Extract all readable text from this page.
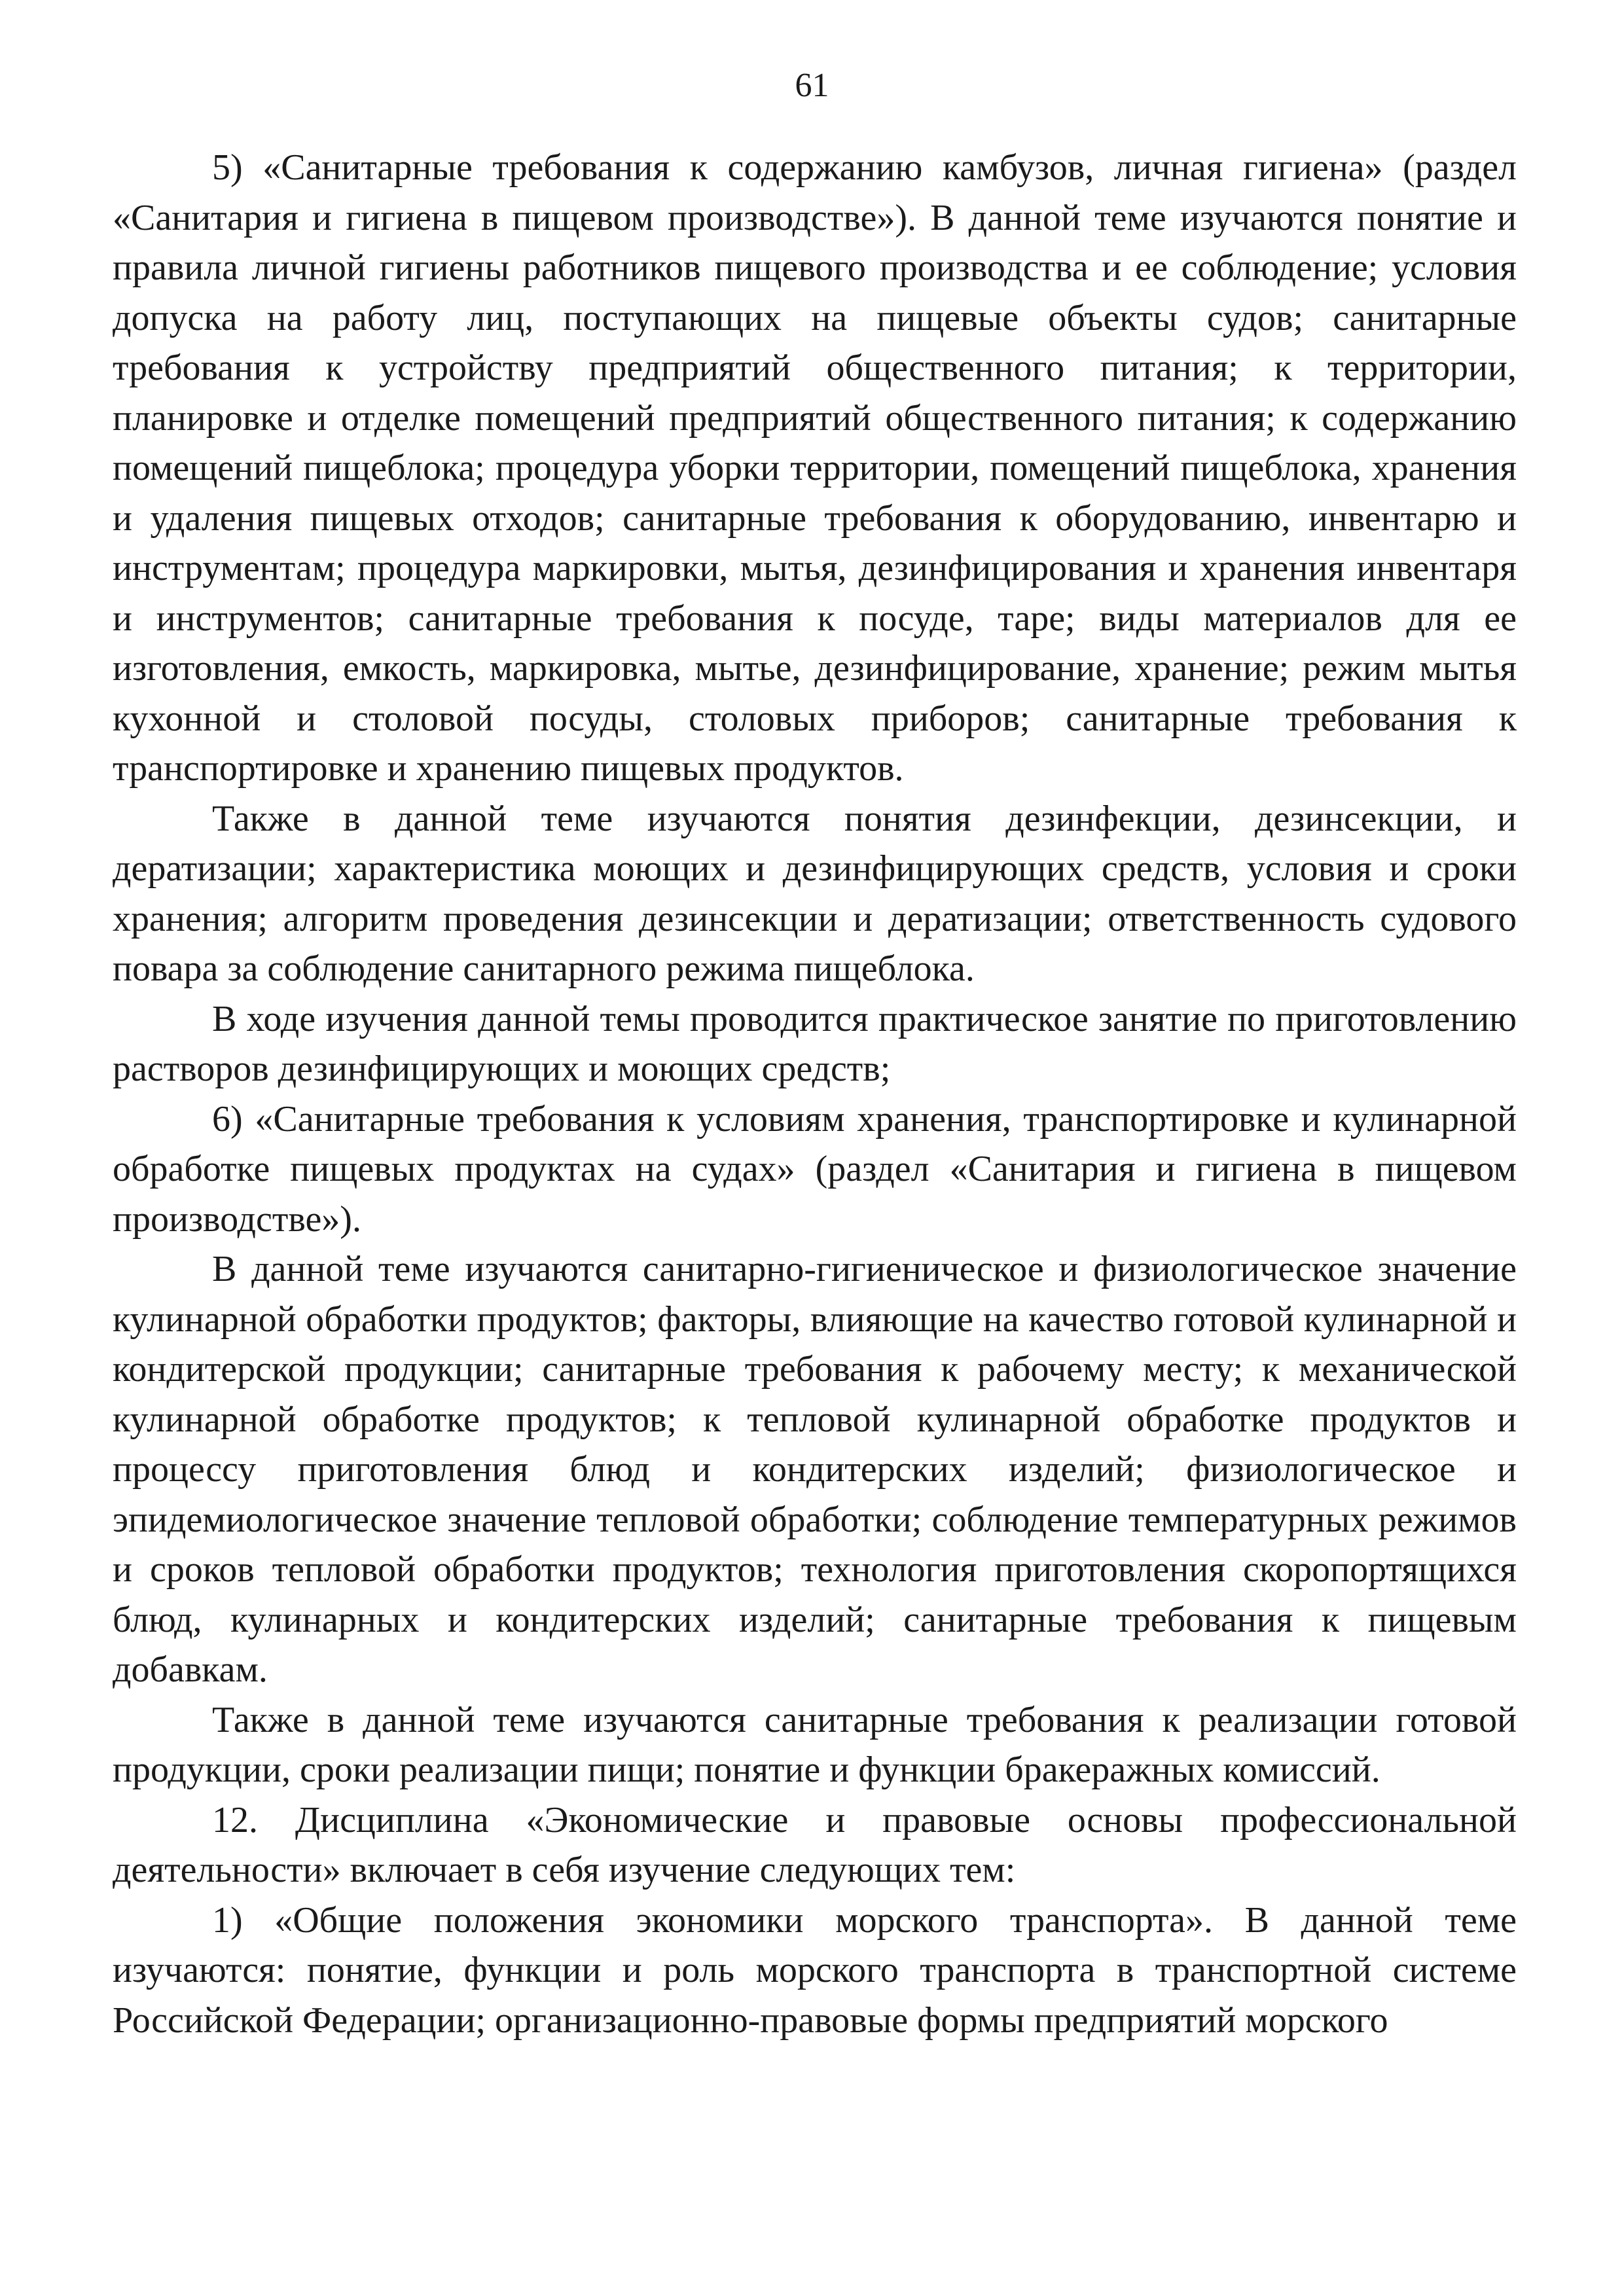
61

5) «Санитарные требования к содержанию камбузов, личная гигиена» (раздел «Санитария и гигиена в пищевом производстве»). В данной теме изучаются понятие и правила личной гигиены работников пищевого производства и ее соблюдение; условия допуска на работу лиц, поступающих на пищевые объекты судов; санитарные требования к устройству предприятий общественного питания; к территории, планировке и отделке помещений предприятий общественного питания; к содержанию помещений пищеблока; процедура уборки территории, помещений пищеблока, хранения и удаления пищевых отходов; санитарные требования к оборудованию, инвентарю и инструментам; процедура маркировки, мытья, дезинфицирования и хранения инвентаря и инструментов; санитарные требования к посуде, таре; виды материалов для ее изготовления, емкость, маркировка, мытье, дезинфицирование, хранение; режим мытья кухонной и столовой посуды, столовых приборов; санитарные требования к транспортировке и хранению пищевых продуктов.

Также в данной теме изучаются понятия дезинфекции, дезинсекции, и дератизации; характеристика моющих и дезинфицирующих средств, условия и сроки хранения; алгоритм проведения дезинсекции и дератизации; ответственность судового повара за соблюдение санитарного режима пищеблока.

В ходе изучения данной темы проводится практическое занятие по приготовлению растворов дезинфицирующих и моющих средств;

6) «Санитарные требования к условиям хранения, транспортировке и кулинарной обработке пищевых продуктах на судах» (раздел «Санитария и гигиена в пищевом производстве»).

В данной теме изучаются санитарно-гигиеническое и физиологическое значение кулинарной обработки продуктов; факторы, влияющие на качество готовой кулинарной и кондитерской продукции; санитарные требования к рабочему месту; к механической кулинарной обработке продуктов; к тепловой кулинарной обработке продуктов и процессу приготовления блюд и кондитерских изделий; физиологическое и эпидемиологическое значение тепловой обработки; соблюдение температурных режимов и сроков тепловой обработки продуктов; технология приготовления скоропортящихся блюд, кулинарных и кондитерских изделий; санитарные требования к пищевым добавкам.

Также в данной теме изучаются санитарные требования к реализации готовой продукции, сроки реализации пищи; понятие и функции бракеражных комиссий.

12. Дисциплина «Экономические и правовые основы профессиональной деятельности» включает в себя изучение следующих тем:

1) «Общие положения экономики морского транспорта». В данной теме изучаются: понятие, функции и роль морского транспорта в транспортной системе Российской Федерации; организационно-правовые формы предприятий морского
